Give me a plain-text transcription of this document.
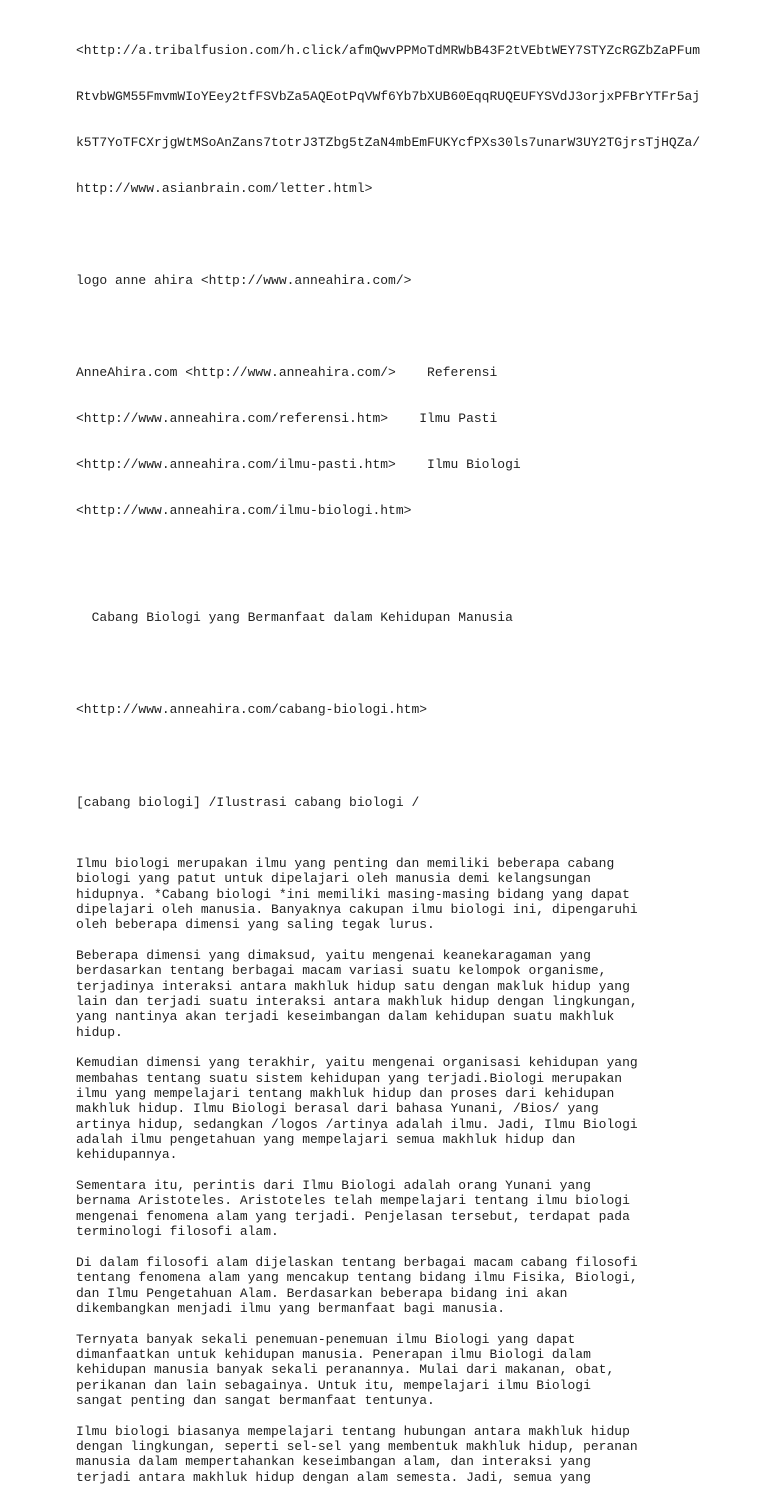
<http://a.tribalfusion.com/h.click/afmQwvPPMoTdMRWbB43F2tVEbtWEY7STYZcRGZbZaPFum

RtvbWGM55FmvmWIoYEey2tfFSVbZa5AQEotPqVWf6Yb7bXUB60EqqRUQEUFYSVdJ3orjxPFBrYTFr5aj

k5T7YoTFCXrjgWtMSoAnZans7totrJ3TZbg5tZaN4mbEmFUKYcfPXs30ls7unarW3UY2TGjrsTjHQZa/

http://www.asianbrain.com/letter.html>

logo anne ahira <http://www.anneahira.com/>

AnneAhira.com <http://www.anneahira.com/>    Referensi

<http://www.anneahira.com/referensi.htm>    Ilmu Pasti

<http://www.anneahira.com/ilmu-pasti.htm>    Ilmu Biologi

<http://www.anneahira.com/ilmu-biologi.htm>

Cabang Biologi yang Bermanfaat dalam Kehidupan Manusia

<http://www.anneahira.com/cabang-biologi.htm>

[cabang biologi] /Ilustrasi cabang biologi /

Ilmu biologi merupakan ilmu yang penting dan memiliki beberapa cabang
biologi yang patut untuk dipelajari oleh manusia demi kelangsungan
hidupnya. *Cabang biologi *ini memiliki masing-masing bidang yang dapat
dipelajari oleh manusia. Banyaknya cakupan ilmu biologi ini, dipengaruhi
oleh beberapa dimensi yang saling tegak lurus.
Beberapa dimensi yang dimaksud, yaitu mengenai keanekaragaman yang
berdasarkan tentang berbagai macam variasi suatu kelompok organisme,
terjadinya interaksi antara makhluk hidup satu dengan makluk hidup yang
lain dan terjadi suatu interaksi antara makhluk hidup dengan lingkungan,
yang nantinya akan terjadi keseimbangan dalam kehidupan suatu makhluk
hidup.
Kemudian dimensi yang terakhir, yaitu mengenai organisasi kehidupan yang
membahas tentang suatu sistem kehidupan yang terjadi.Biologi merupakan
ilmu yang mempelajari tentang makhluk hidup dan proses dari kehidupan
makhluk hidup. Ilmu Biologi berasal dari bahasa Yunani, /Bios/ yang
artinya hidup, sedangkan /logos /artinya adalah ilmu. Jadi, Ilmu Biologi
adalah ilmu pengetahuan yang mempelajari semua makhluk hidup dan
kehidupannya.
Sementara itu, perintis dari Ilmu Biologi adalah orang Yunani yang
bernama Aristoteles. Aristoteles telah mempelajari tentang ilmu biologi
mengenai fenomena alam yang terjadi. Penjelasan tersebut, terdapat pada
terminologi filosofi alam.
Di dalam filosofi alam dijelaskan tentang berbagai macam cabang filosofi
tentang fenomena alam yang mencakup tentang bidang ilmu Fisika, Biologi,
dan Ilmu Pengetahuan Alam. Berdasarkan beberapa bidang ini akan
dikembangkan menjadi ilmu yang bermanfaat bagi manusia.
Ternyata banyak sekali penemuan-penemuan ilmu Biologi yang dapat
dimanfaatkan untuk kehidupan manusia. Penerapan ilmu Biologi dalam
kehidupan manusia banyak sekali peranannya. Mulai dari makanan, obat,
perikanan dan lain sebagainya. Untuk itu, mempelajari ilmu Biologi
sangat penting dan sangat bermanfaat tentunya.
Ilmu biologi biasanya mempelajari tentang hubungan antara makhluk hidup
dengan lingkungan, seperti sel-sel yang membentuk makhluk hidup, peranan
manusia dalam mempertahankan keseimbangan alam, dan interaksi yang
terjadi antara makhluk hidup dengan alam semesta. Jadi, semua yang
